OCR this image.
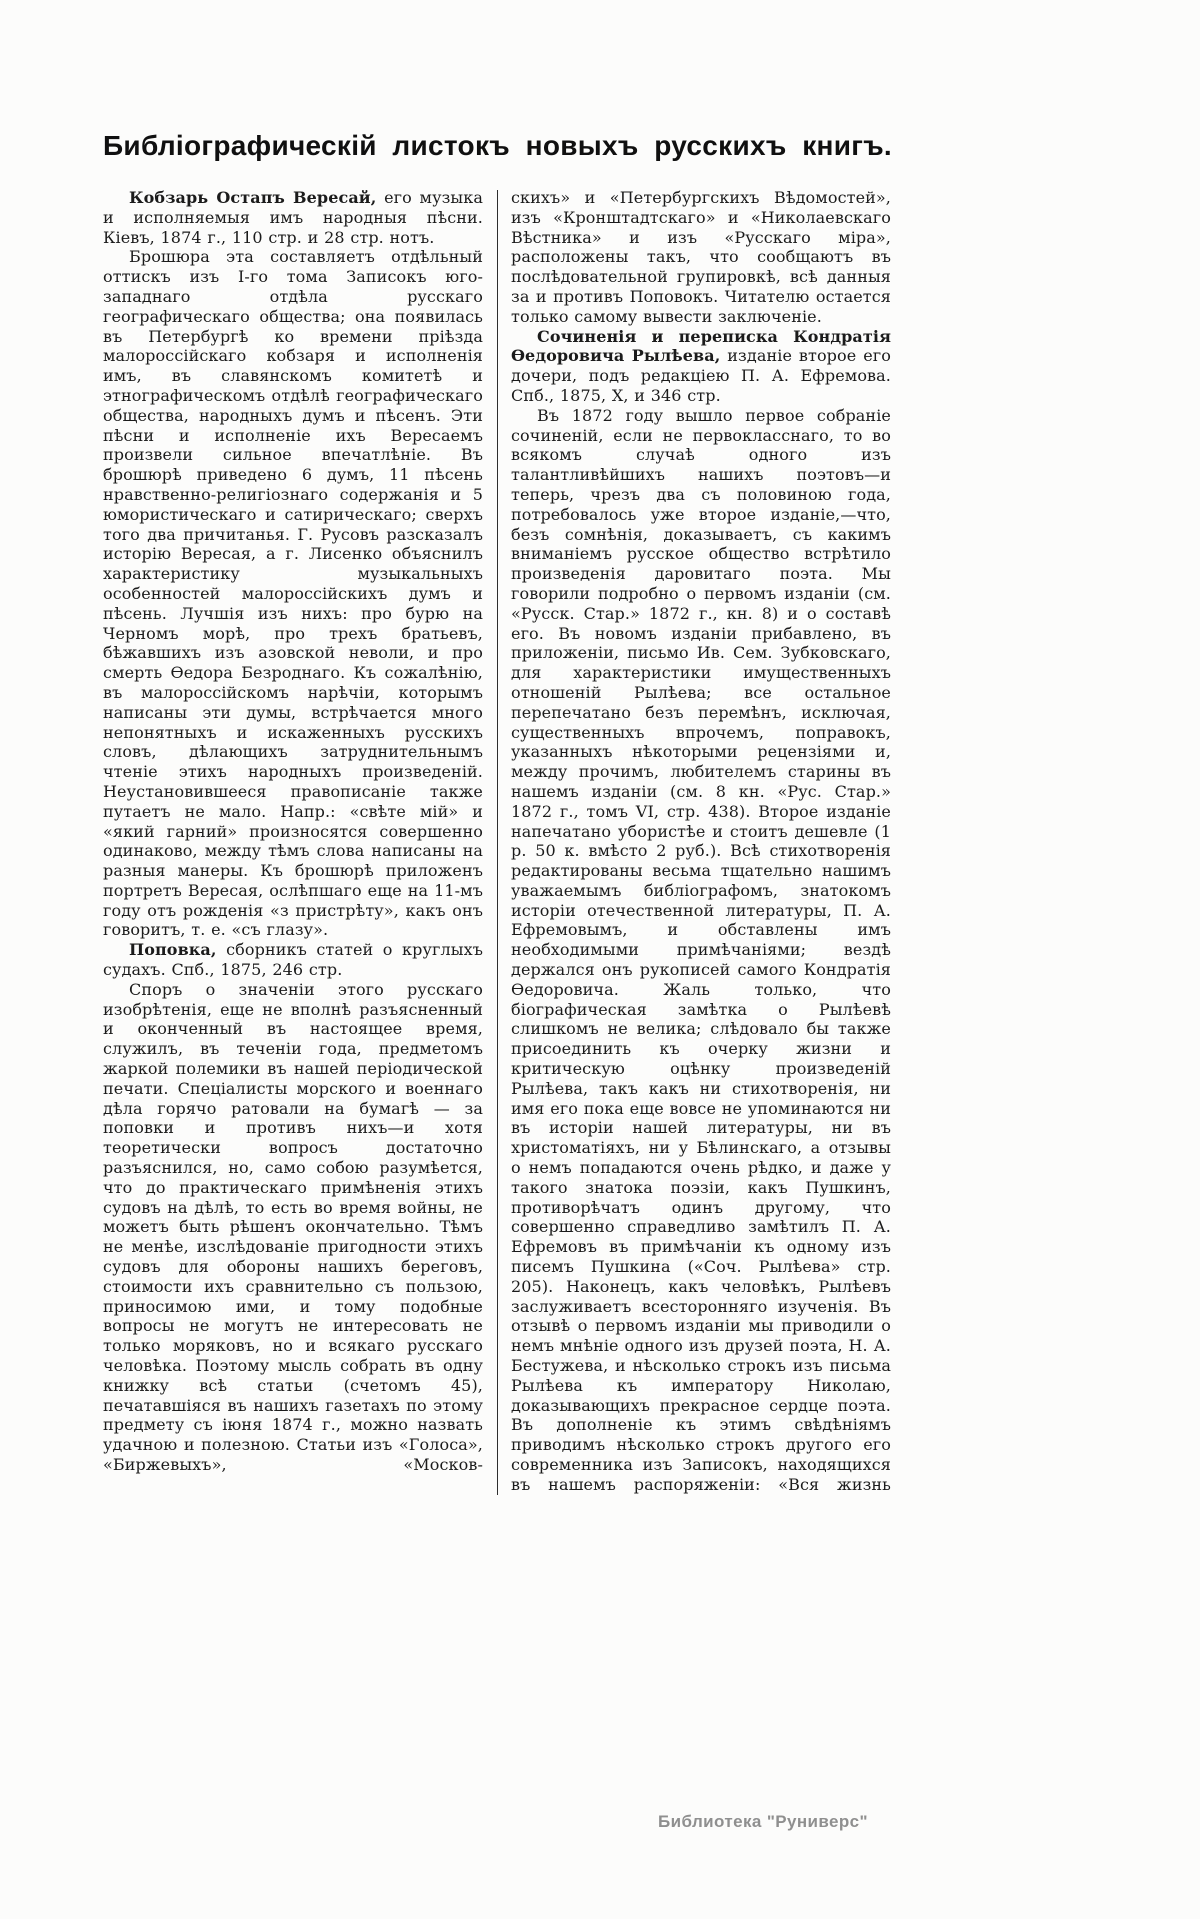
Библіографическій листокъ новыхъ русскихъ книгъ.

Кобзарь Остапъ Вересай, его музыка и исполняемыя имъ народныя пѣсни. Кіевъ, 1874 г., 110 стр. и 28 стр. нотъ.

Брошюра эта составляетъ отдѣльный оттискъ изъ I-го тома Записокъ юго-западнаго отдѣла русскаго географическаго общества; она появилась въ Петербургѣ ко времени пріѣзда малороссійскаго кобзаря и исполненія имъ, въ славянскомъ комитетѣ и этнографическомъ отдѣлѣ географическаго общества, народныхъ думъ и пѣсенъ. Эти пѣсни и исполненіе ихъ Вересаемъ произвели сильное впечатлѣніе. Въ брошюрѣ приведено 6 думъ, 11 пѣсень нравственно-религіознаго содержанія и 5 юмористическаго и сатирическаго; сверхъ того два причитанья. Г. Русовъ разсказалъ исторію Вересая, а г. Лисенко объяснилъ характеристику музыкальныхъ особенностей малороссійскихъ думъ и пѣсень. Лучшія изъ нихъ: про бурю на Черномъ морѣ, про трехъ братьевъ, бѣжавшихъ изъ азовской неволи, и про смерть Ѳедора Безроднаго. Къ сожалѣнію, въ малороссійскомъ нарѣчіи, которымъ написаны эти думы, встрѣчается много непонятныхъ и искаженныхъ русскихъ словъ, дѣлающихъ затруднительнымъ чтеніе этихъ народныхъ произведеній. Неустановившееся правописаніе также путаетъ не мало. Напр.: «свѣте мій» и «який гарний» произносятся совершенно одинаково, между тѣмъ слова написаны на разныя манеры. Къ брошюрѣ приложенъ портретъ Вересая, ослѣпшаго еще на 11-мъ году отъ рожденія «з пристрѣту», какъ онъ говоритъ, т. е. «съ глазу».

Поповка, сборникъ статей о круглыхъ судахъ. Спб., 1875, 246 стр.

Споръ о значеніи этого русскаго изобрѣтенія, еще не вполнѣ разъясненный и оконченный въ настоящее время, служилъ, въ теченіи года, предметомъ жаркой полемики въ нашей періодической печати. Спеціалисты морского и военнаго дѣла горячо ратовали на бумагѣ — за поповки и противъ нихъ—и хотя теоретически вопросъ достаточно разъяснился, но, само собою разумѣется, что до практическаго примѣненія этихъ судовъ на дѣлѣ, то есть во время войны, не можетъ быть рѣшенъ окончательно. Тѣмъ не менѣе, изслѣдованіе пригодности этихъ судовъ для обороны нашихъ береговъ, стоимости ихъ сравнительно съ пользою, приносимою ими, и тому подобные вопросы не могутъ не интересовать не только моряковъ, но и всякаго русскаго человѣка. Поэтому мысль собрать въ одну книжку всѣ статьи (счетомъ 45), печатавшіяся въ нашихъ газетахъ по этому предмету съ іюня 1874 г., можно назвать удачною и полезною. Статьи изъ «Голоса», «Биржевыхъ», «Москов-

скихъ» и «Петербургскихъ Вѣдомостей», изъ «Кронштадтскаго» и «Николаевскаго Вѣстника» и изъ «Русскаго міра», расположены такъ, что сообщаютъ въ послѣдовательной групировкѣ, всѣ данныя за и противъ Поповокъ. Читателю остается только самому вывести заключеніе.

Сочиненія и переписка Кондратія Ѳедоровича Рылѣева, изданіе второе его дочери, подъ редакціею П. А. Ефремова. Спб., 1875, X, и 346 стр.

Въ 1872 году вышло первое собраніе сочиненій, если не первокласснаго, то во всякомъ случаѣ одного изъ талантливѣйшихъ нашихъ поэтовъ—и теперь, чрезъ два съ половиною года, потребовалось уже второе изданіе,—что, безъ сомнѣнія, доказываетъ, съ какимъ вниманіемъ русское общество встрѣтило произведенія даровитаго поэта. Мы говорили подробно о первомъ изданіи (см. «Русск. Стар.» 1872 г., кн. 8) и о составѣ его. Въ новомъ изданіи прибавлено, въ приложеніи, письмо Ив. Сем. Зубковскаго, для характеристики имущественныхъ отношеній Рылѣева; все остальное перепечатано безъ перемѣнъ, исключая, существенныхъ впрочемъ, поправокъ, указанныхъ нѣкоторыми рецензіями и, между прочимъ, любителемъ старины въ нашемъ изданіи (см. 8 кн. «Рус. Стар.» 1872 г., томъ VI, стр. 438). Второе изданіе напечатано убористѣе и стоитъ дешевле (1 р. 50 к. вмѣсто 2 руб.). Всѣ стихотворенія редактированы весьма тщательно нашимъ уважаемымъ библіографомъ, знатокомъ исторіи отечественной литературы, П. А. Ефремовымъ, и обставлены имъ необходимыми примѣчаніями; вездѣ держался онъ рукописей самого Кондратія Ѳедоровича. Жаль только, что біографическая замѣтка о Рылѣевѣ слишкомъ не велика; слѣдовало бы также присоединить къ очерку жизни и критическую оцѣнку произведеній Рылѣева, такъ какъ ни стихотворенія, ни имя его пока еще вовсе не упоминаются ни въ исторіи нашей литературы, ни въ христоматіяхъ, ни у Бѣлинскаго, а отзывы о немъ попадаются очень рѣдко, и даже у такого знатока поэзіи, какъ Пушкинъ, противорѣчатъ одинъ другому, что совершенно справедливо замѣтилъ П. А. Ефремовъ въ примѣчаніи къ одному изъ писемъ Пушкина («Соч. Рылѣева» стр. 205). Наконецъ, какъ человѣкъ, Рылѣевъ заслуживаетъ всесторонняго изученія. Въ отзывѣ о первомъ изданіи мы приводили о немъ мнѣніе одного изъ друзей поэта, Н. А. Бестужева, и нѣсколько строкъ изъ письма Рылѣева къ императору Николаю, доказывающихъ прекрасное сердце поэта. Въ дополненіе къ этимъ свѣдѣніямъ приводимъ нѣсколько строкъ другого его современника изъ Записокъ, находящихся въ нашемъ распоряженіи: «Вся жизнь

Библиотека "Руниверс"
